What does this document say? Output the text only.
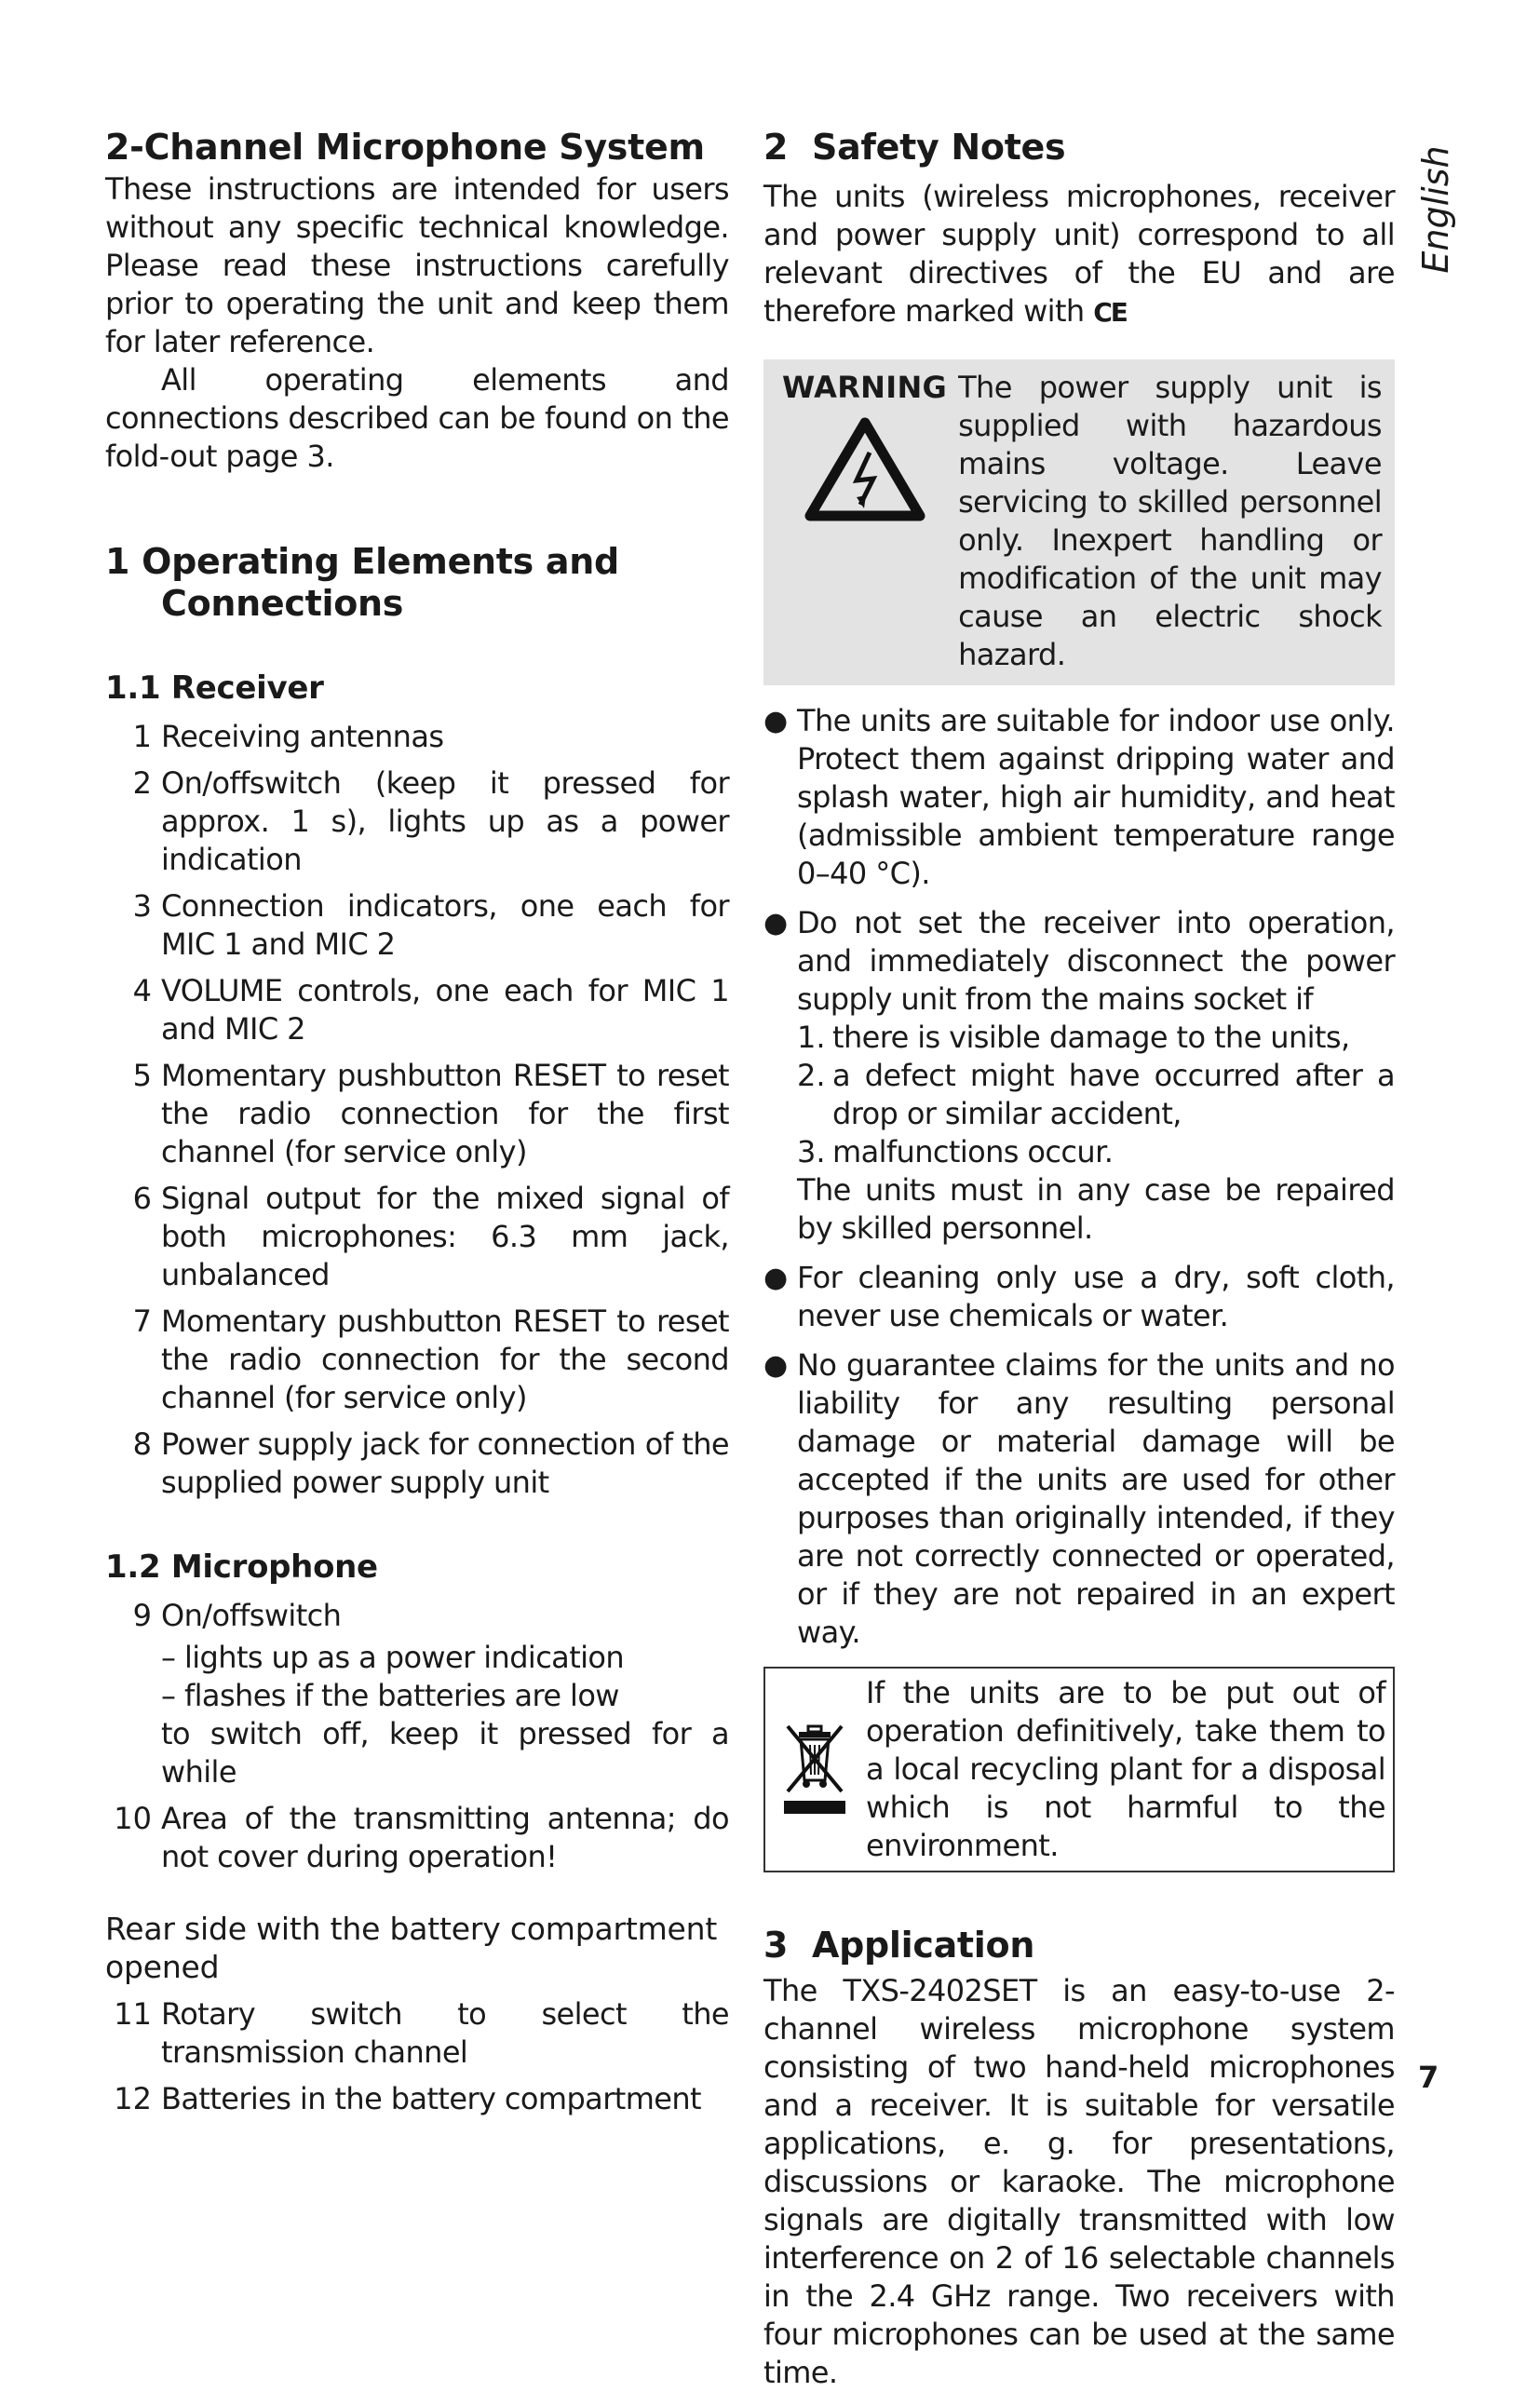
2-Channel Microphone System

These instructions are intended for users without any specific technical knowledge. Please read these instructions carefully prior to operating the unit and keep them for later reference.

All operating elements and connections described can be found on the fold-out page 3.

1 Operating Elements and
Connections
1.1 Receiver
1 Receiving antennas

2 On/offswitch (keep it pressed for approx. 1 s), lights up as a power indication

3 Connection indicators, one each for MIC 1 and MIC 2

4 VOLUME controls, one each for MIC 1 and MIC 2

5 Momentary pushbutton RESET to reset the radio connection for the first channel (for service only)

6 Signal output for the mixed signal of both microphones: 6.3 mm jack, unbalanced

7 Momentary pushbutton RESET to reset the radio connection for the second channel (for service only)

8 Power supply jack for connection of the supplied power supply unit

1.2 Microphone
9 On/offswitch

– lights up as a power indication

– flashes if the batteries are low

to switch off, keep it pressed for a while

10 Area of the transmitting antenna; do not cover during operation!

Rear side with the battery compartment opened
11 Rotary switch to select the transmission channel

12 Batteries in the battery compartment

2 Safety Notes

The units (wireless microphones, receiver and power supply unit) correspond to all relevant directives of the EU and are therefore marked with CE

WARNING The power supply unit is supplied with hazardous mains voltage. Leave servicing to skilled personnel only. Inexpert handling or modification of the unit may cause an electric shock hazard.

● The units are suitable for indoor use only. Protect them against dripping water and splash water, high air humidity, and heat (admissible ambient temperature range 0–40 °C).

● Do not set the receiver into operation, and immediately disconnect the power supply unit from the mains socket if

1. there is visible damage to the units,

2. a defect might have occurred after a drop or similar accident,

3. malfunctions occur.

The units must in any case be repaired by skilled personnel.

● For cleaning only use a dry, soft cloth, never use chemicals or water.

● No guarantee claims for the units and no liability for any resulting personal damage or material damage will be accepted if the units are used for other purposes than originally intended, if they are not correctly connected or operated, or if they are not repaired in an expert way.

If the units are to be put out of operation definitively, take them to a local recycling plant for a disposal which is not harmful to the environment.

3 Application

The TXS-2402SET is an easy-to-use 2-channel wireless microphone system consisting of two hand-held microphones and a receiver. It is suitable for versatile applications, e. g. for presentations, discussions or karaoke. The microphone signals are digitally transmitted with low interference on 2 of 16 selectable channels in the 2.4 GHz range. Two receivers with four microphones can be used at the same time.

English
7
